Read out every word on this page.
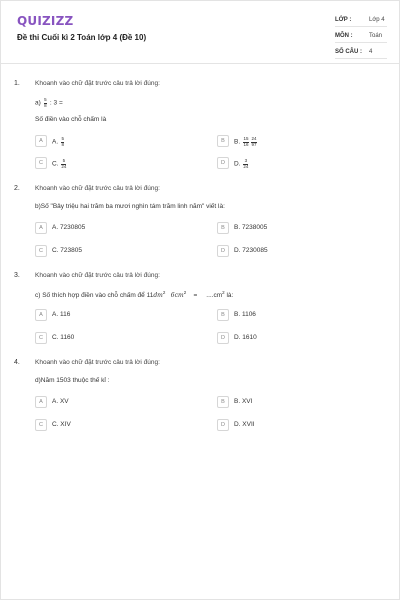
QUIZIZZ
Đề thi Cuối kì 2 Toán lớp 4 (Đề 10)
LỚP :	Lớp 4
MÔN :	Toán
SỐ CÂU : 4
1. Khoanh vào chữ đặt trước câu trả lời đúng:
$a) \frac{5}{8}$ : 3 =
Số điền vào chỗ chấm là
A	A. $\frac{5}{8}$	B	B. $\frac{15}{16} \frac{24}{97}$
C	C. $\frac{5}{24}$	D	D. $\frac{3}{24}$
2. Khoanh vào chữ đặt trước câu trả lời đúng:
b)Số "Bảy triệu hai trăm ba mươi nghìn tám trăm linh năm" viết là:
A	A. 7230805	B	B. 7238005
C	C. 723805	D	D. 7230085
3. Khoanh vào chữ đặt trước câu trả lời đúng:
c) Số thích hợp điền vào chỗ chấm để $11dm^2$ $6cm^2 = ....cm^2$ là:
A	A. 116	B	B. 1106
C	C. 1160	D	D. 1610
4. Khoanh vào chữ đặt trước câu trả lời đúng:
d)Năm 1503 thuộc thế kỉ :
A	A. XV	B	B. XVI
C	C. XIV	D	D. XVII
